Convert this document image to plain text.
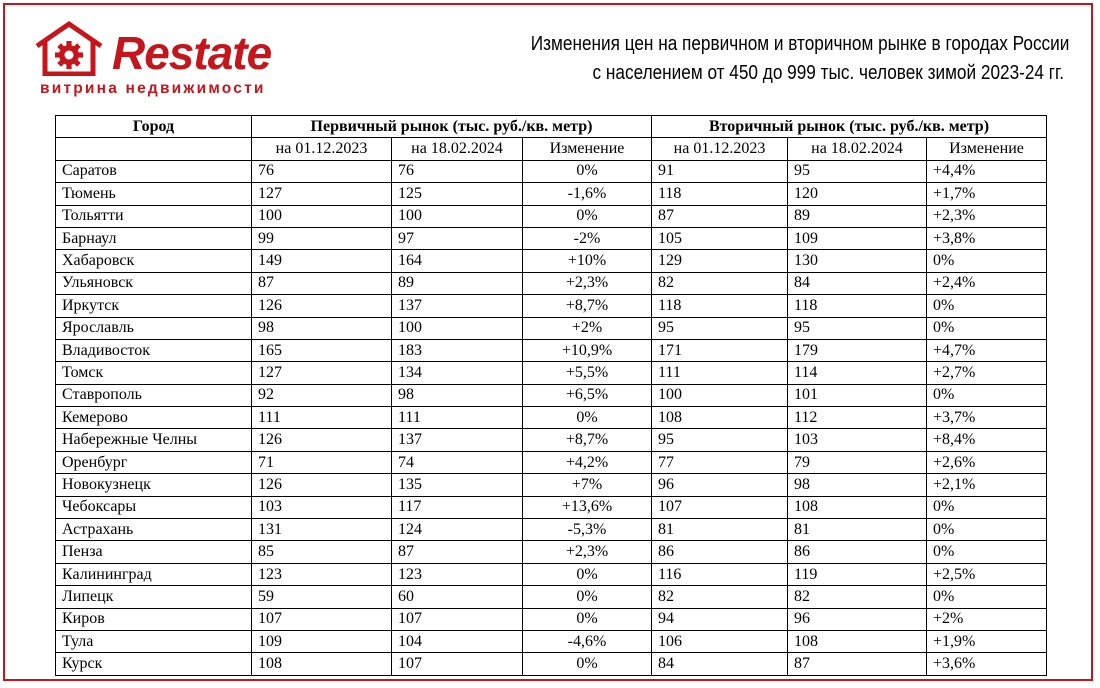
Restate
витрина недвижимости
Изменения цен на первичном и вторичном рынке в городах России
с населением от 450 до 999 тыс. человек зимой 2023-24 гг.
Город	Первичный рынок (тыс. руб./кв. метр)			Вторичный рынок (тыс. руб./кв. метр)		
	на 01.12.2023	на 18.02.2024	Изменение	на 01.12.2023	на 18.02.2024	Изменение
Саратов	76	76	0%	91	95	+4,4%
Тюмень	127	125	-1,6%	118	120	+1,7%
Тольятти	100	100	0%	87	89	+2,3%
Барнаул	99	97	-2%	105	109	+3,8%
Хабаровск	149	164	+10%	129	130	0%
Ульяновск	87	89	+2,3%	82	84	+2,4%
Иркутск	126	137	+8,7%	118	118	0%
Ярославль	98	100	+2%	95	95	0%
Владивосток	165	183	+10,9%	171	179	+4,7%
Томск	127	134	+5,5%	111	114	+2,7%
Ставрополь	92	98	+6,5%	100	101	0%
Кемерово	111	111	0%	108	112	+3,7%
Набережные Челны	126	137	+8,7%	95	103	+8,4%
Оренбург	71	74	+4,2%	77	79	+2,6%
Новокузнецк	126	135	+7%	96	98	+2,1%
Чебоксары	103	117	+13,6%	107	108	0%
Астрахань	131	124	-5,3%	81	81	0%
Пенза	85	87	+2,3%	86	86	0%
Калининград	123	123	0%	116	119	+2,5%
Липецк	59	60	0%	82	82	0%
Киров	107	107	0%	94	96	+2%
Тула	109	104	-4,6%	106	108	+1,9%
Курск	108	107	0%	84	87	+3,6%
